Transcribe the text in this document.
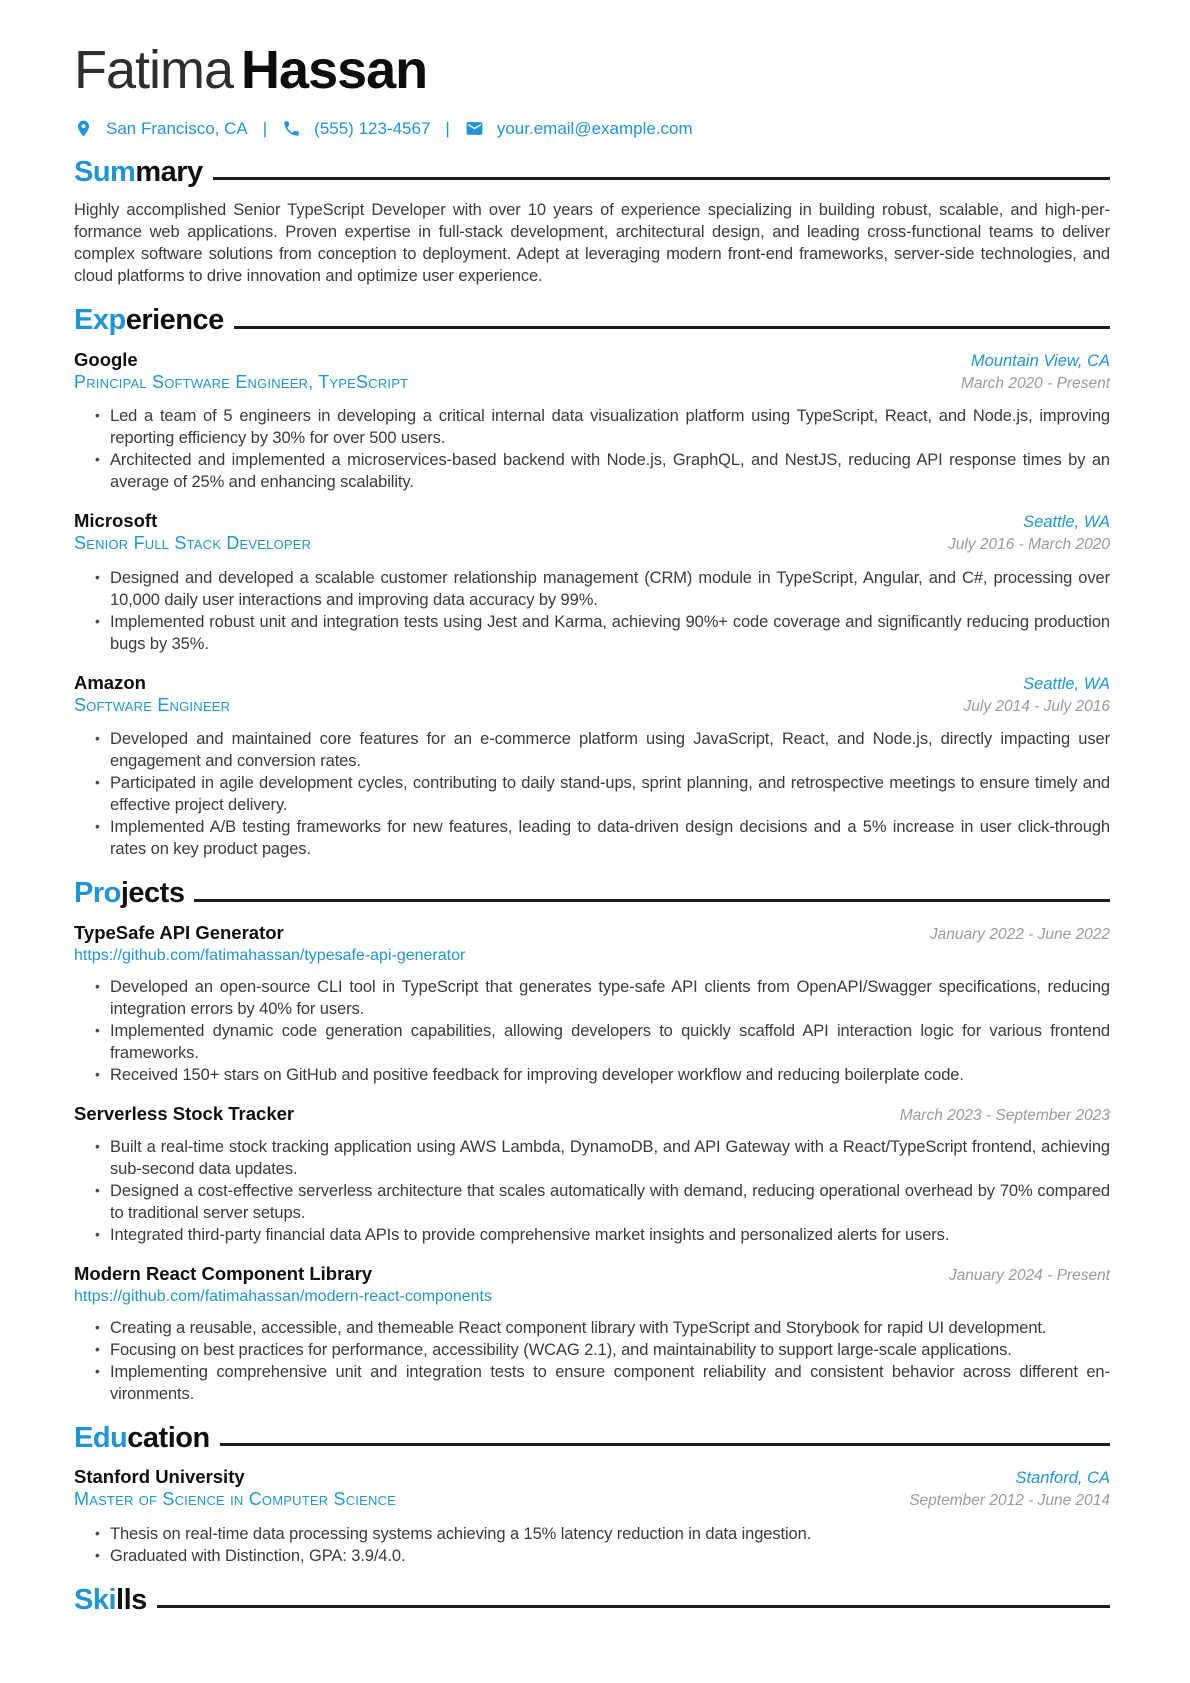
Fatima Hassan
San Francisco, CA |	(555) 123-4567 |	your.email@example.com
Summary

Highly accomplished Senior TypeScript Developer with over 10 years of experience specializing in building robust, scalable, and high-performance web applications. Proven expertise in full-stack development, architectural design, and leading cross-functional teams to deliver complex software solutions from conception to deployment. Adept at leveraging modern front-end frameworks, server-side technologies, and cloud platforms to drive innovation and optimize user experience.

Experience
Google	Mountain View, CA
Principal Software Engineer, TypeScript	March 2020 - Present
• Led a team of 5 engineers in developing a critical internal data visualization platform using TypeScript, React, and Node.js, improving reporting efficiency by 30% for over 500 users.
• Architected and implemented a microservices-based backend with Node.js, GraphQL, and NestJS, reducing API response times by an average of 25% and enhancing scalability.
Microsoft	Seattle, WA
Senior Full Stack Developer	July 2016 - March 2020
• Designed and developed a scalable customer relationship management (CRM) module in TypeScript, Angular, and C#, processing over 10,000 daily user interactions and improving data accuracy by 99%.
• Implemented robust unit and integration tests using Jest and Karma, achieving 90%+ code coverage and significantly reducing production bugs by 35%.
Amazon	Seattle, WA
Software Engineer	July 2014 - July 2016
• Developed and maintained core features for an e-commerce platform using JavaScript, React, and Node.js, directly impacting user engagement and conversion rates.
• Participated in agile development cycles, contributing to daily stand-ups, sprint planning, and retrospective meetings to ensure timely and effective project delivery.
• Implemented A/B testing frameworks for new features, leading to data-driven design decisions and a 5% increase in user click-through rates on key product pages.
Projects
TypeSafe API Generator	January 2022 - June 2022
https://github.com/fatimahassan/typesafe-api-generator
• Developed an open-source CLI tool in TypeScript that generates type-safe API clients from OpenAPI/Swagger specifications, reducing integration errors by 40% for users.
• Implemented dynamic code generation capabilities, allowing developers to quickly scaffold API interaction logic for various frontend frameworks.
• Received 150+ stars on GitHub and positive feedback for improving developer workflow and reducing boilerplate code.
Serverless Stock Tracker	March 2023 - September 2023
• Built a real-time stock tracking application using AWS Lambda, DynamoDB, and API Gateway with a React/TypeScript frontend, achieving sub-second data updates.
• Designed a cost-effective serverless architecture that scales automatically with demand, reducing operational overhead by 70% compared to traditional server setups.
• Integrated third-party financial data APIs to provide comprehensive market insights and personalized alerts for users.
Modern React Component Library	January 2024 - Present
https://github.com/fatimahassan/modern-react-components
• Creating a reusable, accessible, and themeable React component library with TypeScript and Storybook for rapid UI development.
• Focusing on best practices for performance, accessibility (WCAG 2.1), and maintainability to support large-scale applications.
• Implementing comprehensive unit and integration tests to ensure component reliability and consistent behavior across different environments.
Education
Stanford University	Stanford, CA
Master of Science in Computer Science	September 2012 - June 2014
• Thesis on real-time data processing systems achieving a 15% latency reduction in data ingestion.
• Graduated with Distinction, GPA: 3.9/4.0.
Skills
